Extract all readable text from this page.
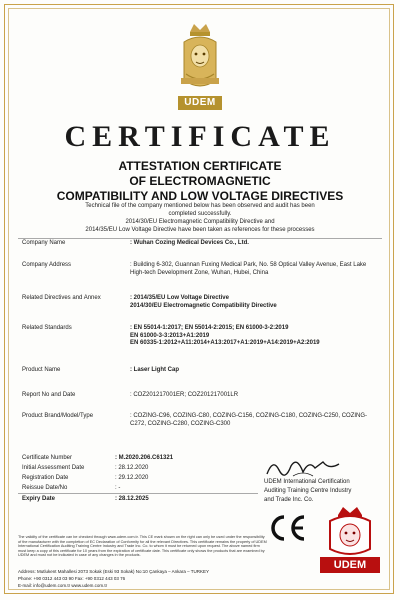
UDEM
CERTIFICATE
ATTESTATION CERTIFICATE
OF ELECTROMAGNETIC
COMPATIBILITY AND LOW VOLTAGE DIRECTIVES
Technical file of the company mentioned below has been observed and audit has been
completed successfully.
2014/30/EU Electromagnetic Compatibility Directive and
2014/35/EU Low Voltage Directive have been taken as references for these processes
Company Name	: Wuhan Cozing Medical Devices Co., Ltd.
Company Address	: Building 6-302, Guannan Fuxing Medical Park, No. 58 Optical Valley Avenue, East Lake High-tech Development Zone, Wuhan, Hubei, China
Related Directives and Annex	: 2014/35/EU Low Voltage Directive
2014/30/EU Electromagnetic Compatibility Directive
Related Standards	: EN 55014-1:2017; EN 55014-2:2015; EN 61000-3-2:2019
EN 61000-3-3:2013+A1:2019
EN 60335-1:2012+A11:2014+A13:2017+A1:2019+A14:2019+A2:2019
Product Name	: Laser Light Cap
Report No and Date	: COZ201217001ER; COZ201217001LR
Product Brand/Model/Type	: COZING-C96, COZING-C80, COZING-C156, COZING-C180, COZING-C250, COZING-C272, COZING-C280, COZING-C300
Certificate Number	: M.2020.206.C61321
Initial Assessment Date	: 28.12.2020
Registration Date	: 29.12.2020
Reissue Date/No	: -
Expiry Date	: 28.12.2025
UDEM International Certification
Auditing Training Centre Industry
and Trade Inc. Co.
The validity of the certificate can be checked through www.udem.com.tr. This CE mark shown on the right can only be used under the responsibility of the manufacturer with the completion of EC Declaration of Conformity for all the relevant Directives. This certificate remains the property of UDEM International Certification Auditing Training Centre Industry and Trade Inc. Co. to whom it must be returned upon request. The above named firm must keep a copy of this certificate for 10 years from the expiration of certificate date. This certificate only shows the products that are examined by UDEM and must not be indicated in case of any changes in the products.
Address: Mutlukent Mahallesi 2073 Sokak (Eski 93 Sokak) No:10 Çankaya – Ankara – TURKEY
Phone: +90 0312 443 03 90 Fax: +90 0312 443 03 76
E-mail: info@udem.com.tr www.udem.com.tr
UDEM
